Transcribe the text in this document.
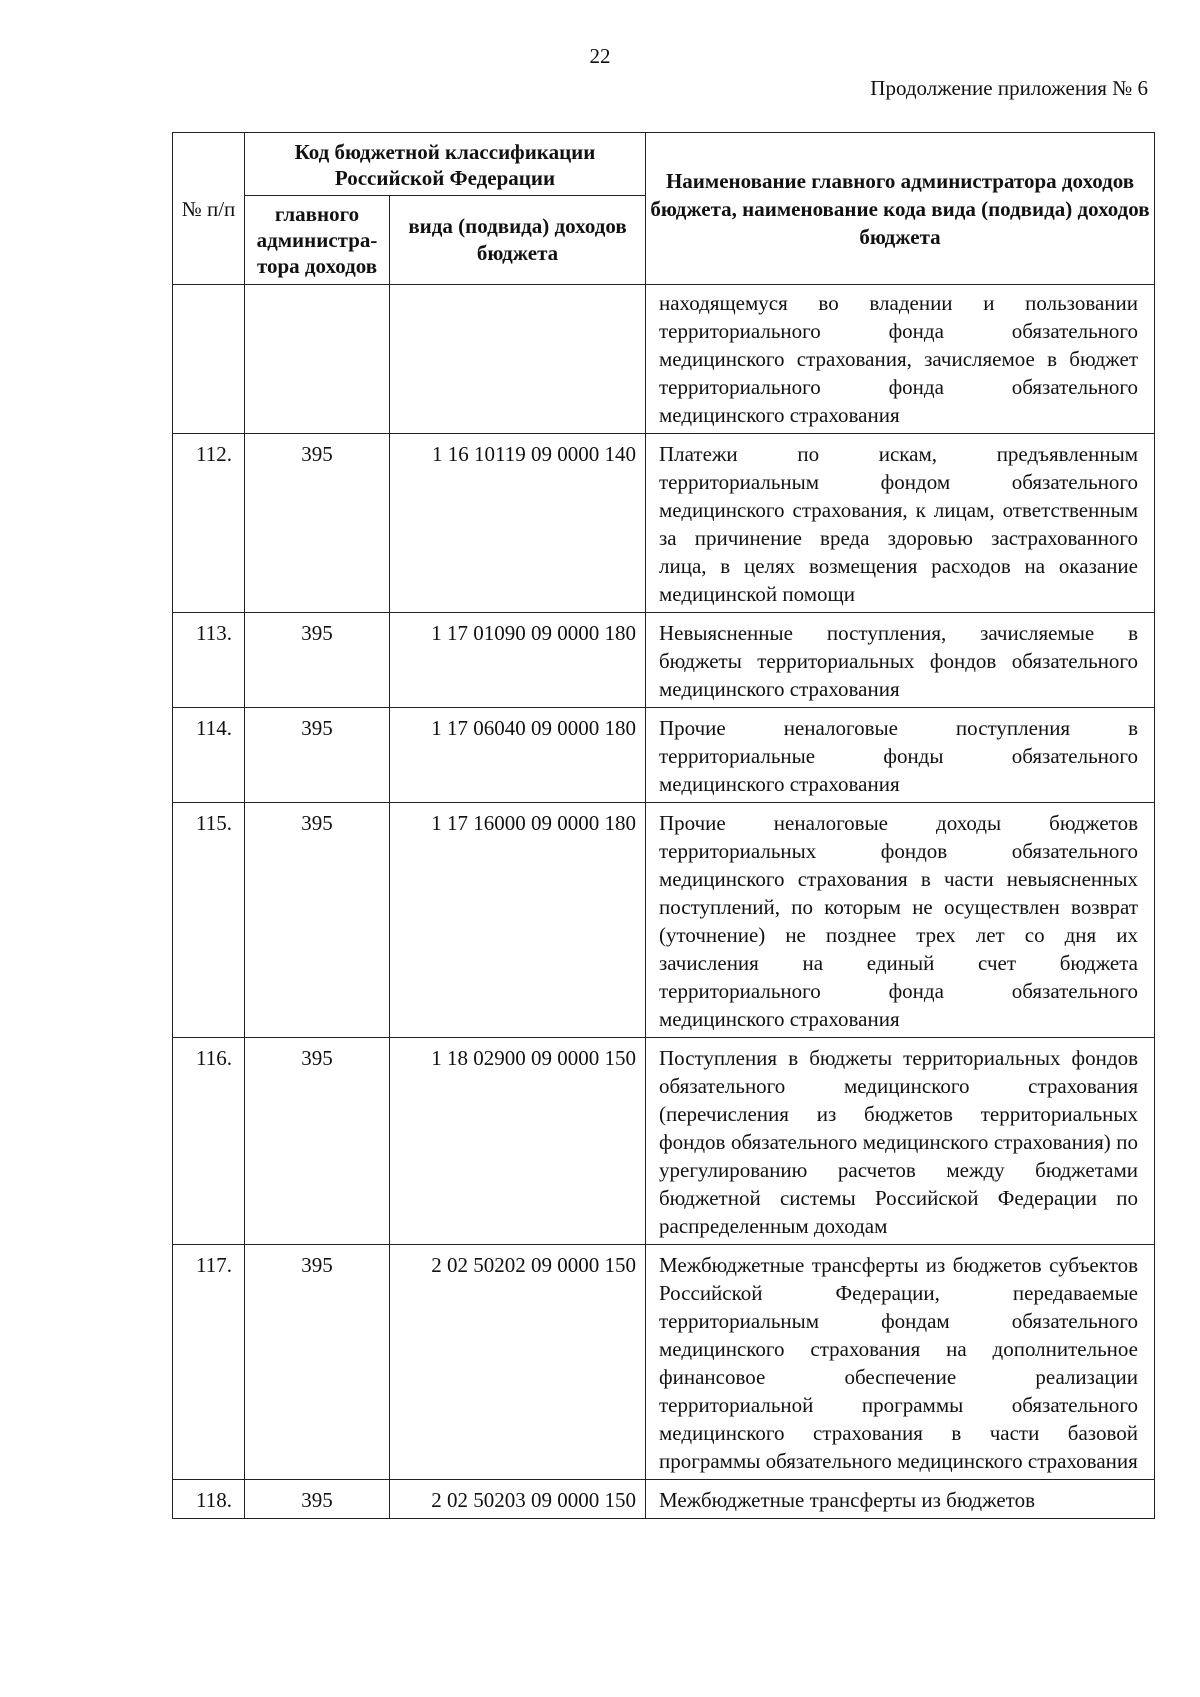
22
Продолжение приложения № 6
№ п/п	Код бюджетной классификации Российской Федерации		Наименование главного администратора доходов бюджета, наименование кода вида (подвида) доходов бюджета
	главного администра-тора доходов	вида (подвида) доходов бюджета	
			находящемуся во владении и пользовании территориального фонда обязательного медицинского страхования, зачисляемое в бюджет территориального фонда обязательного медицинского страхования
112.	395	1 16 10119 09 0000 140	Платежи по искам, предъявленным территориальным фондом обязательного медицинского страхования, к лицам, ответственным за причинение вреда здоровью застрахованного лица, в целях возмещения расходов на оказание медицинской помощи
113.	395	1 17 01090 09 0000 180	Невыясненные поступления, зачисляемые в бюджеты территориальных фондов обязательного медицинского страхования
114.	395	1 17 06040 09 0000 180	Прочие неналоговые поступления в территориальные фонды обязательного медицинского страхования
115.	395	1 17 16000 09 0000 180	Прочие неналоговые доходы бюджетов территориальных фондов обязательного медицинского страхования в части невыясненных поступлений, по которым не осуществлен возврат (уточнение) не позднее трех лет со дня их зачисления на единый счет бюджета территориального фонда обязательного медицинского страхования
116.	395	1 18 02900 09 0000 150	Поступления в бюджеты территориальных фондов обязательного медицинского страхования (перечисления из бюджетов территориальных фондов обязательного медицинского страхования) по урегулированию расчетов между бюджетами бюджетной системы Российской Федерации по распределенным доходам
117.	395	2 02 50202 09 0000 150	Межбюджетные трансферты из бюджетов субъектов Российской Федерации, передаваемые территориальным фондам обязательного медицинского страхования на дополнительное финансовое обеспечение реализации территориальной программы обязательного медицинского страхования в части базовой программы обязательного медицинского страхования
118.	395	2 02 50203 09 0000 150	Межбюджетные трансферты из бюджетов
